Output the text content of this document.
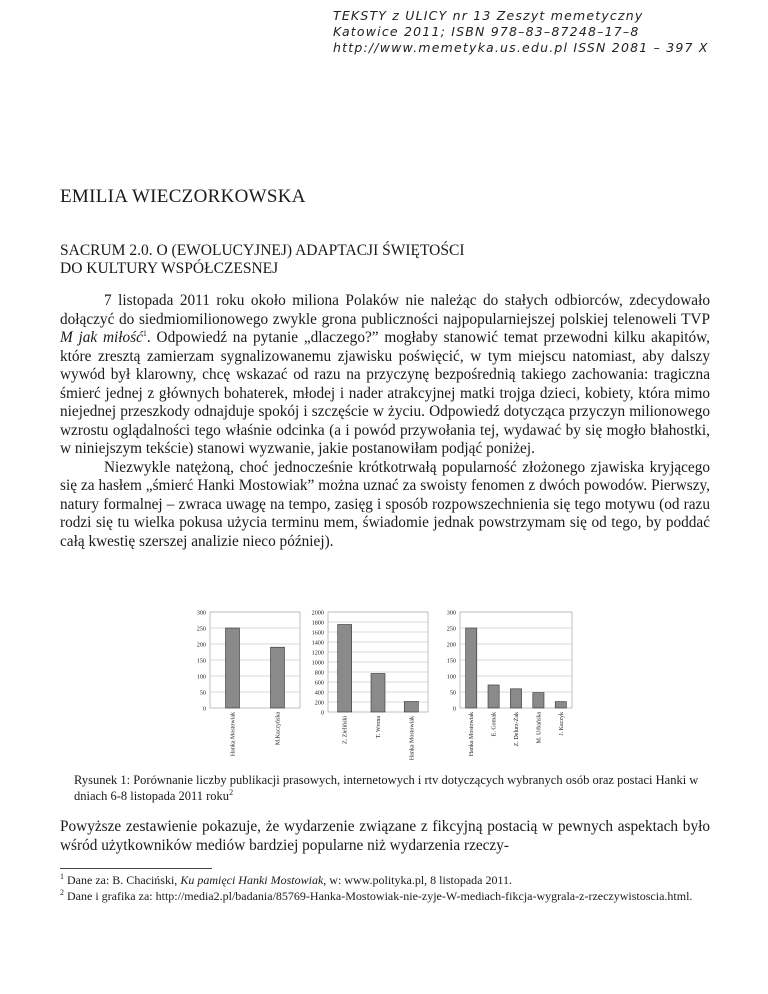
TEKSTY z ULICY nr 13 Zeszyt memetyczny
Katowice 2011; ISBN 978–83–87248–17–8
http://www.memetyka.us.edu.pl ISSN 2081 – 397 X
EMILIA WIECZORKOWSKA
SACRUM 2.0. O (EWOLUCYJNEJ) ADAPTACJI ŚWIĘTOŚCI
DO KULTURY WSPÓŁCZESNEJ

7 listopada 2011 roku około miliona Polaków nie należąc do stałych odbiorców, zdecydowało dołączyć do siedmiomilionowego zwykle grona publiczności najpopularniejszej polskiej telenoweli TVP M jak miłość$^1$. Odpowiedź na pytanie „dlaczego?” mogłaby stanowić temat przewodni kilku akapitów, które zresztą zamierzam sygnalizowanemu zjawisku poświęcić, w tym miejscu natomiast, aby dalszy wywód był klarowny, chcę wskazać od razu na przyczynę bezpośrednią takiego zachowania: tragiczna śmierć jednej z głównych bohaterek, młodej i nader atrakcyjnej matki trojga dzieci, kobiety, która mimo niejednej przeszkody odnajduje spokój i szczęście w życiu. Odpowiedź dotycząca przyczyn milionowego wzrostu oglądalności tego właśnie odcinka (a i powód przywołania tej, wydawać by się mogło błahostki, w niniejszym tekście) stanowi wyzwanie, jakie postanowiłam podjąć poniżej.

Niezwykle natężoną, choć jednocześnie krótkotrwałą popularność złożonego zjawiska kryjącego się za hasłem „śmierć Hanki Mostowiak” można uznać za swoisty fenomen z dwóch powodów. Pierwszy, natury formalnej – zwraca uwagę na tempo, zasięg i sposób rozpowszechnienia się tego motywu (od razu rodzi się tu wielka pokusa użycia terminu mem, świadomie jednak powstrzymam się od tego, by poddać całą kwestię szerszej analizie nieco później).

0
50
100
150
200
250
300
Hanka Mostowiak	M.Kaczyńska	0
200
400
600
800
1000
1200
1400
1600
1800
2000
Z. Zieliński	T. Wrona	Hanka Mostowiak
0
50
100
150
200
250
300
Hanka Mostowiak	E. Gomak	Z. Delurz-Żak	M. Urbańska	J. Kaczyk
Rysunek 1: Porównanie liczby publikacji prasowych, internetowych i rtv dotyczących wybranych osób oraz postaci Hanki w dniach 6-8 listopada 2011 roku$^2$
Powyższe zestawienie pokazuje, że wydarzenie związane z fikcyjną postacią w pewnych aspektach było wśród użytkowników mediów bardziej popularne niż wydarzenia rzeczy-
$^1$ Dane za: B. Chaciński, Ku pamięci Hanki Mostowiak, w: www.polityka.pl, 8 listopada 2011.
$^2$ Dane i grafika za: http://media2.pl/badania/85769-Hanka-Mostowiak-nie-zyje-W-mediach-fikcja-wygrala-z-rzeczywistoscia.html.
